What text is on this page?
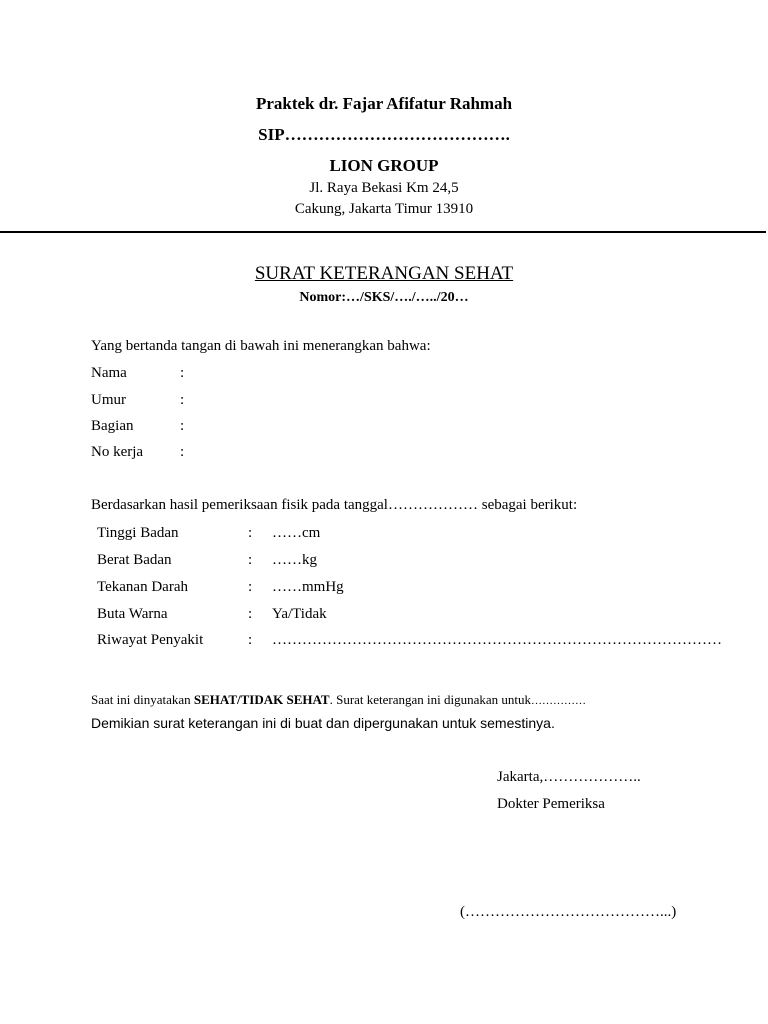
Praktek dr. Fajar Afifatur Rahmah
SIP………………………………….
LION GROUP
Jl. Raya Bekasi Km 24,5
Cakung, Jakarta Timur 13910
SURAT KETERANGAN SEHAT
Nomor:…/SKS/…./…../20…
Yang bertanda tangan di bawah ini menerangkan bahwa:
Nama	:
Umur	:
Bagian	:
No kerja :
Berdasarkan hasil pemeriksaan fisik pada tanggal……………… sebagai berikut:
Tinggi Badan	: ……cm
Berat Badan	: ……kg
Tekanan Darah	: ……mmHg
Buta Warna	: Ya/Tidak
Riwayat Penyakit	: ………………………………………………………………………………
Saat ini dinyatakan SEHAT/TIDAK SEHAT. Surat keterangan ini digunakan untuk……………
Demikian surat keterangan ini di buat dan dipergunakan untuk semestinya.
Jakarta,………………..
Dokter Pemeriksa
(…………………………………...)
